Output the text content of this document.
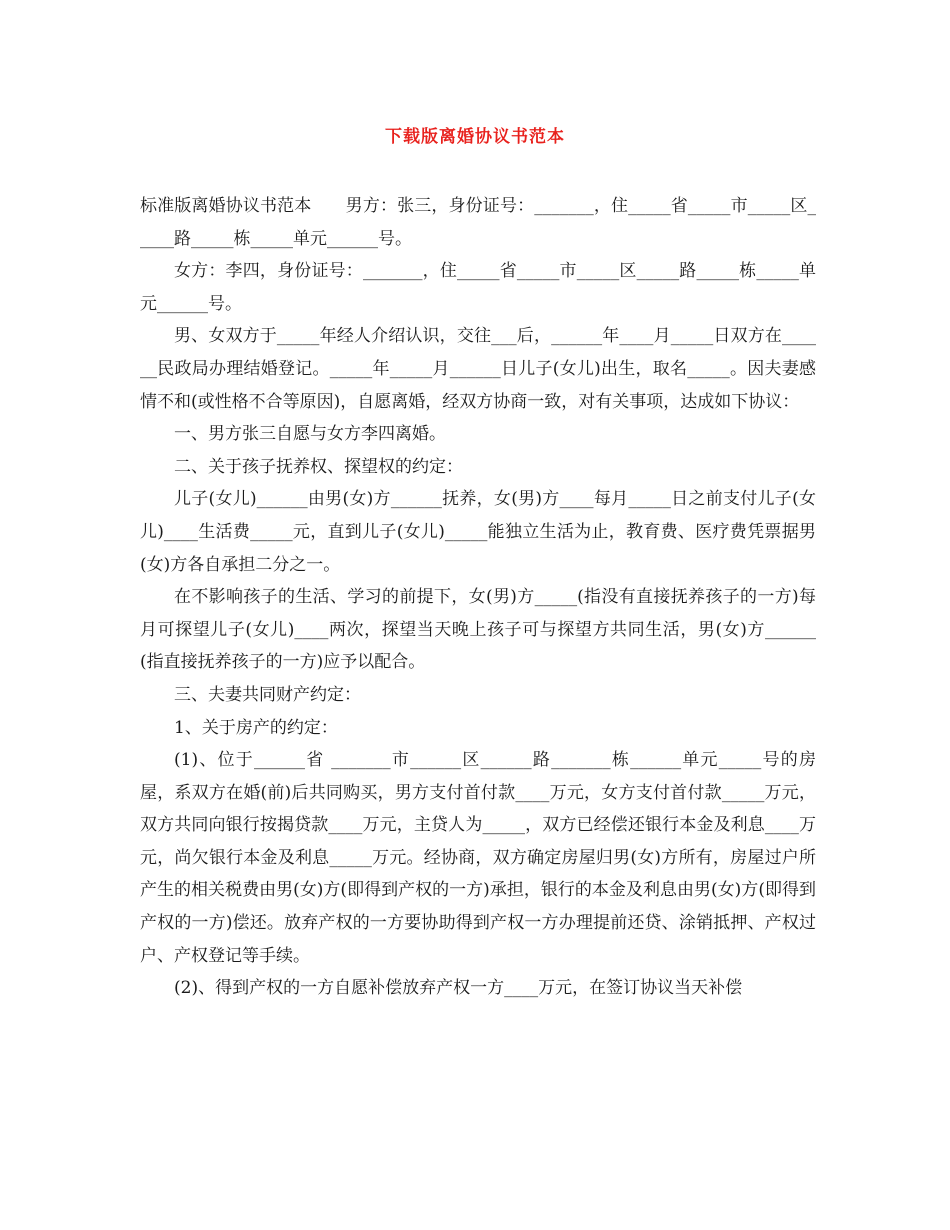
下载版离婚协议书范本

标准版离婚协议书范本　　男方：张三，身份证号：_______，住_____省_____市_____区_____路_____栋_____单元______号。

女方：李四，身份证号：_______，住_____省_____市_____区_____路_____栋_____单元______号。

男、女双方于_____年经人介绍认识，交往___后，______年____月_____日双方在______民政局办理结婚登记。_____年_____月______日儿子(女儿)出生，取名_____。因夫妻感情不和(或性格不合等原因)，自愿离婚，经双方协商一致，对有关事项，达成如下协议：

一、男方张三自愿与女方李四离婚。

二、关于孩子抚养权、探望权的约定：

儿子(女儿)______由男(女)方______抚养，女(男)方____每月_____日之前支付儿子(女儿)____生活费_____元，直到儿子(女儿)_____能独立生活为止，教育费、医疗费凭票据男(女)方各自承担二分之一。

在不影响孩子的生活、学习的前提下，女(男)方_____(指没有直接抚养孩子的一方)每月可探望儿子(女儿)____两次，探望当天晚上孩子可与探望方共同生活，男(女)方______(指直接抚养孩子的一方)应予以配合。

三、夫妻共同财产约定：

1、关于房产的约定：

(1)、位于______省 _______市______区______路_______栋______单元_____号的房屋，系双方在婚(前)后共同购买，男方支付首付款____万元，女方支付首付款_____万元，双方共同向银行按揭贷款____万元，主贷人为_____，双方已经偿还银行本金及利息____万元，尚欠银行本金及利息_____万元。经协商，双方确定房屋归男(女)方所有，房屋过户所产生的相关税费由男(女)方(即得到产权的一方)承担，银行的本金及利息由男(女)方(即得到产权的一方)偿还。放弃产权的一方要协助得到产权一方办理提前还贷、涂销抵押、产权过户、产权登记等手续。

(2)、得到产权的一方自愿补偿放弃产权一方____万元，在签订协议当天补偿
